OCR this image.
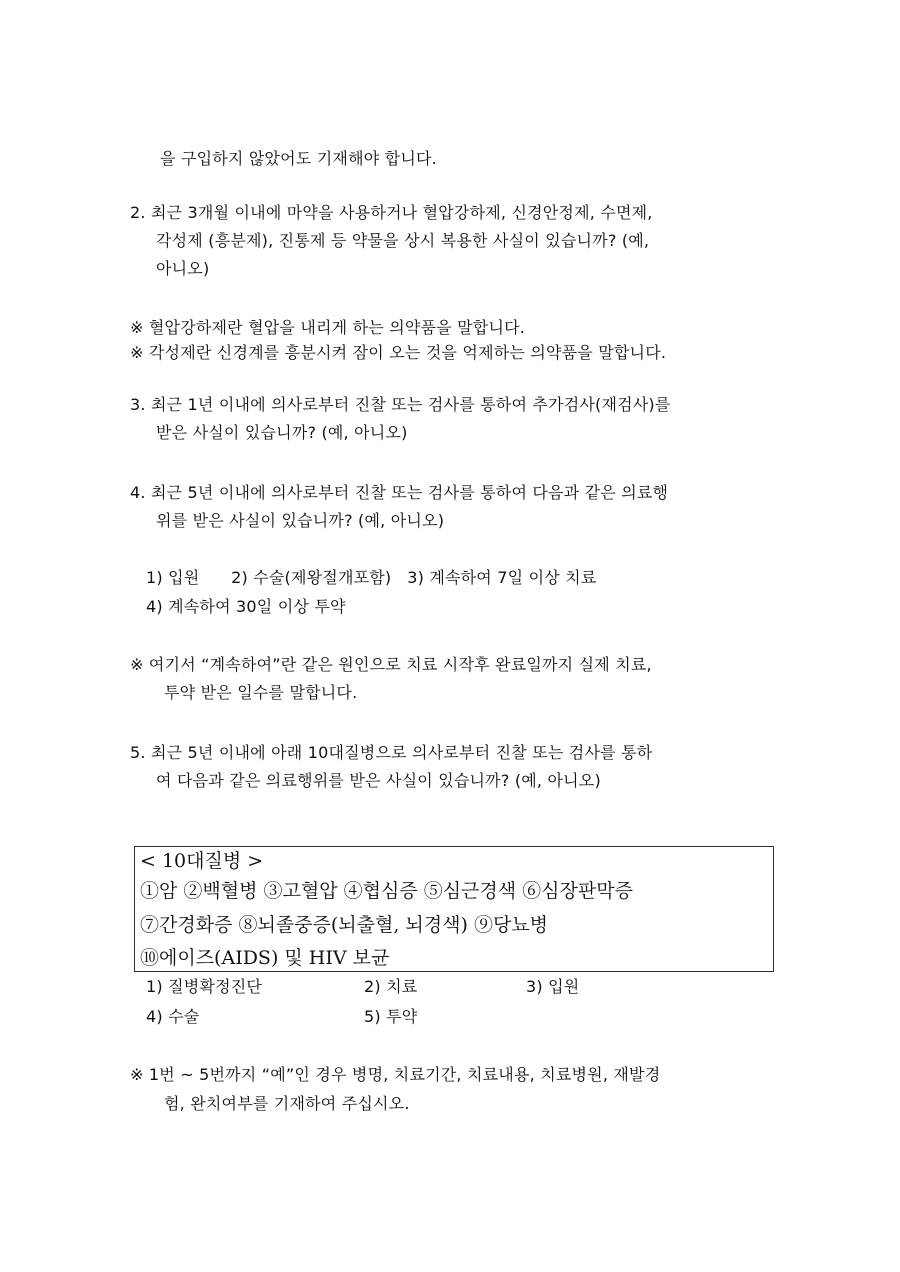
을 구입하지 않았어도 기재해야 합니다.

2. 최근 3개월 이내에 마약을 사용하거나 혈압강하제, 신경안정제, 수면제,

각성제 (흥분제), 진통제 등 약물을 상시 복용한 사실이 있습니까? (예,

아니오)

※ 혈압강하제란 혈압을 내리게 하는 의약품을 말합니다.

※ 각성제란 신경계를 흥분시켜 잠이 오는 것을 억제하는 의약품을 말합니다.

3. 최근 1년 이내에 의사로부터 진찰 또는 검사를 통하여 추가검사(재검사)를

받은 사실이 있습니까? (예, 아니오)

4. 최근 5년 이내에 의사로부터 진찰 또는 검사를 통하여 다음과 같은 의료행

위를 받은 사실이 있습니까? (예, 아니오)

1) 입원      2) 수술(제왕절개포함)   3) 계속하여 7일 이상 치료

4) 계속하여 30일 이상 투약

※ 여기서 “계속하여”란 같은 원인으로 치료 시작후 완료일까지 실제 치료,

투약 받은 일수를 말합니다.

5. 최근 5년 이내에 아래 10대질병으로 의사로부터 진찰 또는 검사를 통하

여 다음과 같은 의료행위를 받은 사실이 있습니까? (예, 아니오)

< 10대질병 >

①암 ②백혈병 ③고혈압 ④협심증 ⑤심근경색 ⑥심장판막증

⑦간경화증 ⑧뇌졸중증(뇌출혈, 뇌경색) ⑨당뇨병

⑩에이즈(AIDS) 및 HIV 보균

1) 질병확정진단	2) 치료	3) 입원

4) 수술	5) 투약

※ 1번 ~ 5번까지 “예”인 경우 병명, 치료기간, 치료내용, 치료병원, 재발경

험, 완치여부를 기재하여 주십시오.
